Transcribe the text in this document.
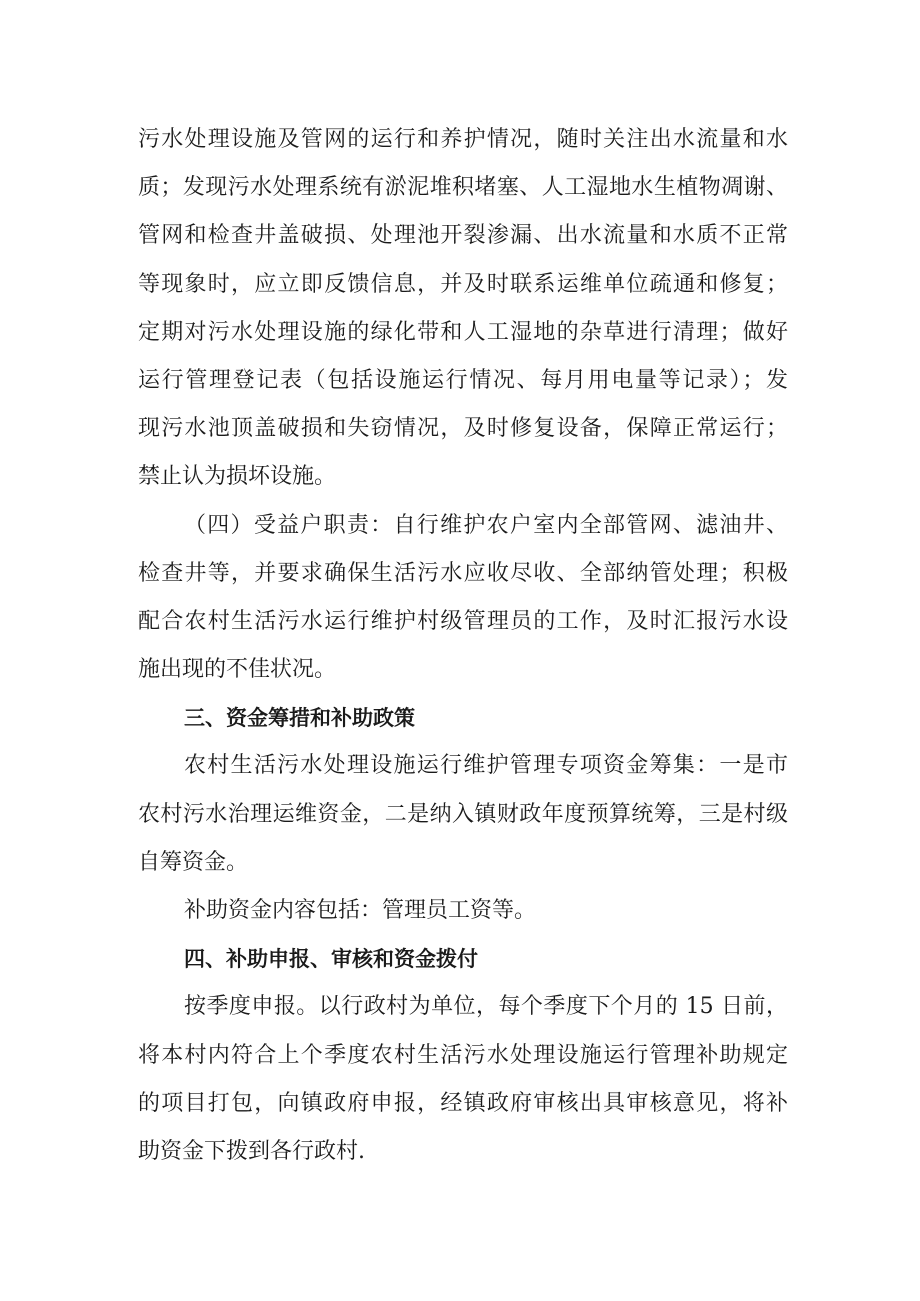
污水处理设施及管网的运行和养护情况，随时关注出水流量和水
质；发现污水处理系统有淤泥堆积堵塞、人工湿地水生植物凋谢、
管网和检查井盖破损、处理池开裂渗漏、出水流量和水质不正常
等现象时，应立即反馈信息，并及时联系运维单位疏通和修复；
定期对污水处理设施的绿化带和人工湿地的杂草进行清理；做好
运行管理登记表（包括设施运行情况、每月用电量等记录）；发
现污水池顶盖破损和失窃情况，及时修复设备，保障正常运行；
禁止认为损坏设施。
（四）受益户职责：自行维护农户室内全部管网、滤油井、
检查井等，并要求确保生活污水应收尽收、全部纳管处理；积极
配合农村生活污水运行维护村级管理员的工作，及时汇报污水设
施出现的不佳状况。
三、资金筹措和补助政策
农村生活污水处理设施运行维护管理专项资金筹集：一是市
农村污水治理运维资金，二是纳入镇财政年度预算统筹，三是村级
自筹资金。
补助资金内容包括：管理员工资等。
四、补助申报、审核和资金拨付
按季度申报。以行政村为单位，每个季度下个月的 15 日前，
将本村内符合上个季度农村生活污水处理设施运行管理补助规定
的项目打包，向镇政府申报，经镇政府审核出具审核意见，将补
助资金下拨到各行政村.
